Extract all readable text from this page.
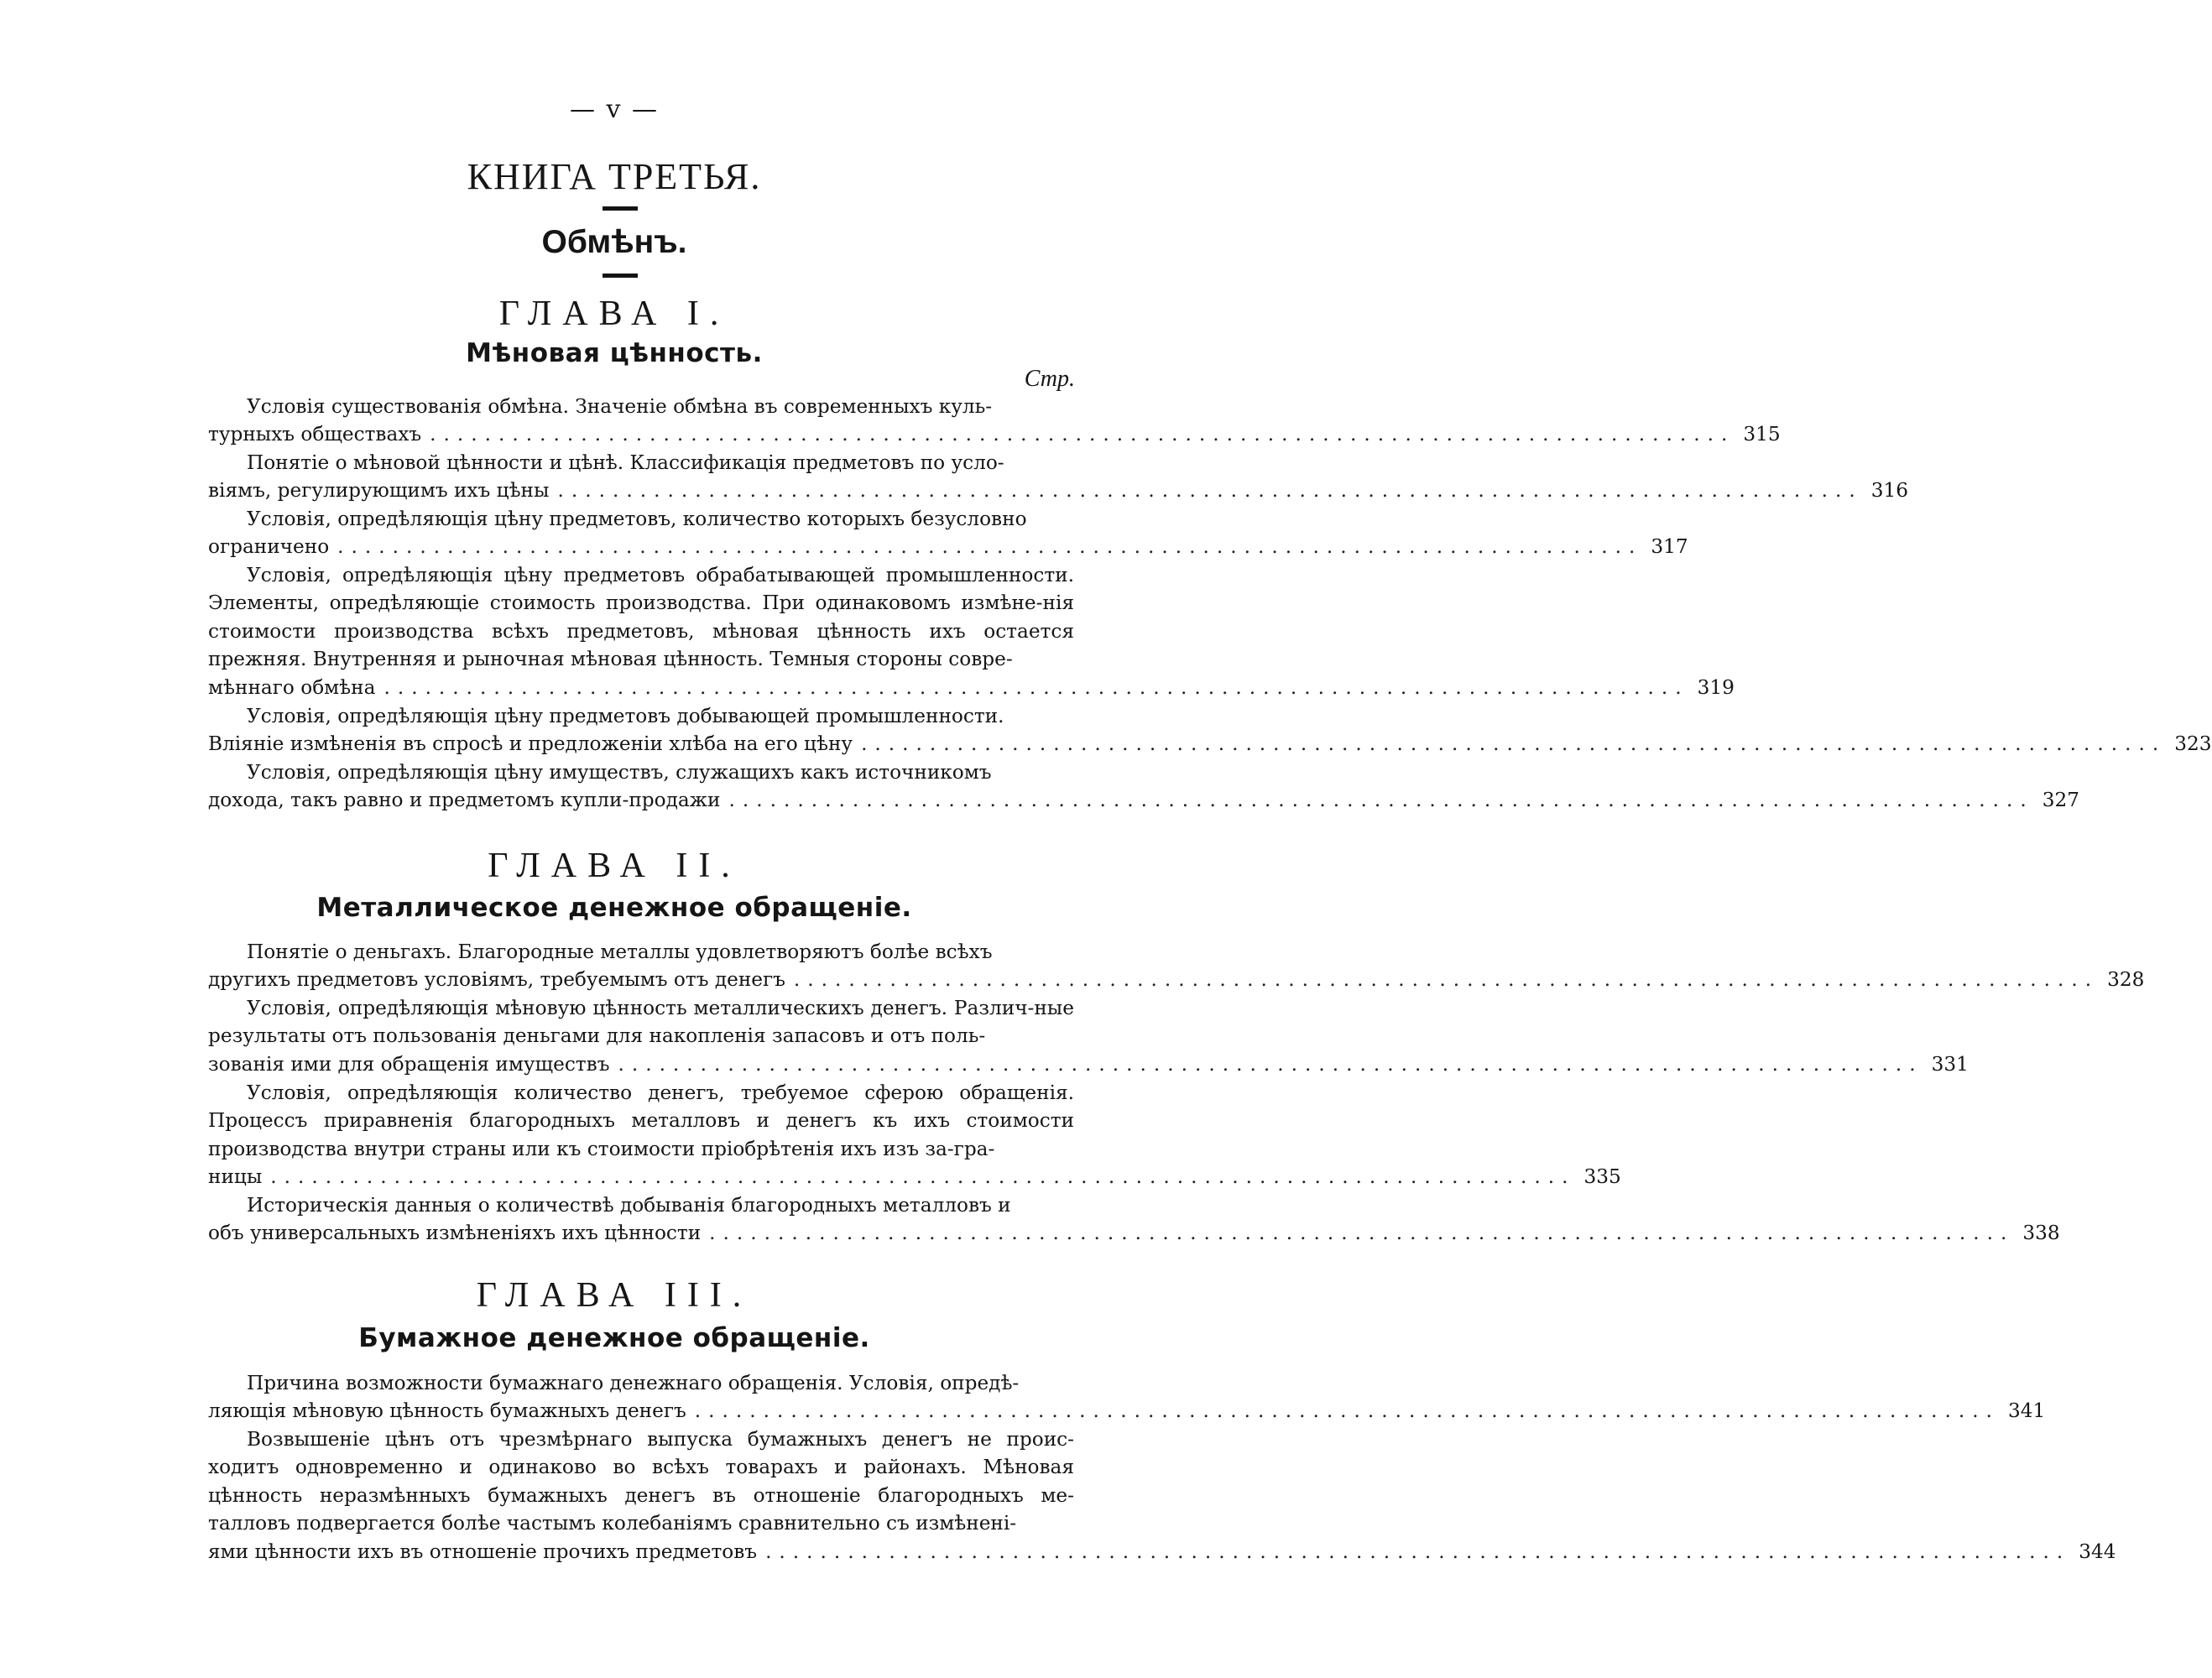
— v —
КНИГА ТРЕТЬЯ.
Обмѣнъ.
ГЛАВА I.
Мѣновая цѣнность.
Стр.
Условія существованія обмѣна. Значеніе обмѣна въ современныхъ куль-
турныхъ обществахъ ............................................................................................... 315
Понятіе о мѣновой цѣнности и цѣнѣ. Классификація предметовъ по усло-
віямъ, регулирующимъ ихъ цѣны ............................................................................................... 316
Условія, опредѣляющія цѣну предметовъ, количество которыхъ безусловно
ограничено ............................................................................................... 317
Условія, опредѣляющія цѣну предметовъ обрабатывающей промышленности. Элементы, опредѣляющіе стоимость производства. При одинаковомъ измѣне-нія стоимости производства всѣхъ предметовъ, мѣновая цѣнность ихъ остается прежняя. Внутренняя и рыночная мѣновая цѣнность. Темныя стороны совре-
мѣннаго обмѣна ............................................................................................... 319
Условія, опредѣляющія цѣну предметовъ добывающей промышленности.
Вліяніе измѣненія въ спросѣ и предложеніи хлѣба на его цѣну ............................................................................................... 323
Условія, опредѣляющія цѣну имуществъ, служащихъ какъ источникомъ
дохода, такъ равно и предметомъ купли-продажи ............................................................................................... 327
ГЛАВА II.
Металлическое денежное обращеніе.
Понятіе о деньгахъ. Благородные металлы удовлетворяютъ болѣе всѣхъ
другихъ предметовъ условіямъ, требуемымъ отъ денегъ ............................................................................................... 328
Условія, опредѣляющія мѣновую цѣнность металлическихъ денегъ. Различ-ные результаты отъ пользованія деньгами для накопленія запасовъ и отъ поль-
зованія ими для обращенія имуществъ ............................................................................................... 331
Условія, опредѣляющія количество денегъ, требуемое сферою обращенія. Процессъ приравненія благородныхъ металловъ и денегъ къ ихъ стоимости производства внутри страны или къ стоимости пріобрѣтенія ихъ изъ за-гра-
ницы ............................................................................................... 335
Историческія данныя о количествѣ добыванія благородныхъ металловъ и
объ универсальныхъ измѣненіяхъ ихъ цѣнности ............................................................................................... 338
ГЛАВА III.
Бумажное денежное обращеніе.
Причина возможности бумажнаго денежнаго обращенія. Условія, опредѣ-
ляющія мѣновую цѣнность бумажныхъ денегъ ............................................................................................... 341
Возвышеніе цѣнъ отъ чрезмѣрнаго выпуска бумажныхъ денегъ не проис-ходитъ одновременно и одинаково во всѣхъ товарахъ и районахъ. Мѣновая цѣнность неразмѣнныхъ бумажныхъ денегъ въ отношеніе благородныхъ ме-талловъ подвергается болѣе частымъ колебаніямъ сравнительно съ измѣнені-
ями цѣнности ихъ въ отношеніе прочихъ предметовъ ............................................................................................... 344
